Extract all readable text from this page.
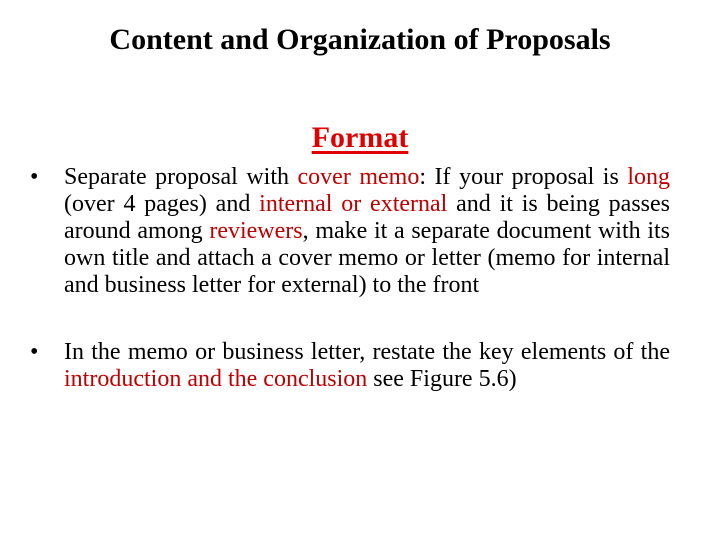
Content and Organization of Proposals
Format
•	Separate proposal with cover memo: If your proposal is long (over 4 pages) and internal or external and it is being passes around among reviewers, make it a separate document with its own title and attach a cover memo or letter (memo for internal and business letter for external) to the front
•	In the memo or business letter, restate the key elements of the introduction and the conclusion see Figure 5.6)
